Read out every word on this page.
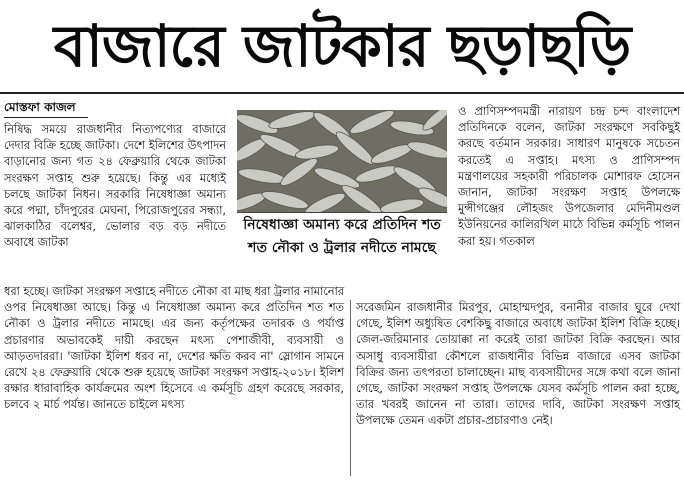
বাজারে জাটকার ছড়াছড়ি
মোস্তফা কাজল

নিষিদ্ধ সময়ে রাজধানীর নিত্যপণ্যের বাজারে দেদার বিক্রি হচ্ছে জাটকা। দেশে ইলিশের উৎপাদন বাড়ানোর জন্য গত ২৪ ফেব্রুয়ারি থেকে জাটকা সংরক্ষণ সপ্তাহ শুরু হয়েছে। কিন্তু এর মধ্যেই চলছে জাটকা নিধন। সরকারি নিষেধাজ্ঞা অমান্য করে পদ্মা, চাঁদপুরের মেঘনা, পিরোজপুরের সন্ধ্যা, ঝালকাঠির বলেশ্বর, ভোলার বড় বড় নদীতে অবাধে জাটকা

নিষেধাজ্ঞা অমান্য করে প্রতিদিন শত শত নৌকা ও ট্রলার নদীতে নামছে

ও প্রাণিসম্পদমন্ত্রী নারায়ণ চন্দ্র চন্দ বাংলাদেশ প্রতিদিনকে বলেন, জাটকা সংরক্ষণে সবকিছুই করছে বর্তমান সরকার। সাধারণ মানুষকে সচেতন করতেই এ সপ্তাহ। মৎস্য ও প্রাণিসম্পদ মন্ত্রণালয়ের সহকারী পরিচালক মোশারফ হোসেন জানান, জাটকা সংরক্ষণ সপ্তাহ উপলক্ষে মুন্সীগঞ্জের লৌহজং উপজেলার মেদিনীমণ্ডল ইউনিয়নের কালিরখিল মাঠে বিভিন্ন কর্মসূচি পালন করা হয়। গতকাল

ধরা হচ্ছে। জাটকা সংরক্ষণ সপ্তাহে নদীতে নৌকা বা মাছ ধরা ট্রলার নামানোর ওপর নিষেধাজ্ঞা আছে। কিন্তু এ নিষেধাজ্ঞা অমান্য করে প্রতিদিন শত শত নৌকা ও ট্রলার নদীতে নামছে। এর জন্য কর্তৃপক্ষের তদারক ও পর্যাপ্ত প্রচারণার অভাবকেই দায়ী করছেন মৎস্য পেশাজীবী, ব্যবসায়ী ও আড়তদাররা। 'জাটকা ইলিশ ধরব না, দেশের ক্ষতি করব না' স্লোগান সামনে রেখে ২৪ ফেব্রুয়ারি থেকে শুরু হয়েছে জাটকা সংরক্ষণ সপ্তাহ-২০১৮। ইলিশ রক্ষার ধারাবাহিক কার্যক্রমের অংশ হিসেবে এ কর্মসূচি গ্রহণ করেছে সরকার, চলবে ২ মার্চ পর্যন্ত। জানতে চাইলে মৎস্য

সরেজমিন রাজধানীর মিরপুর, মোহাম্মদপুর, বনানীর বাজার ঘুরে দেখা গেছে, ইলিশ অধ্যুষিত বেশকিছু বাজারে অবাধে জাটকা ইলিশ বিক্রি হচ্ছে। জেল-জরিমানার তোয়াক্কা না করেই তারা জাটকা বিক্রি করছেন। আর অসাধু ব্যবসায়ীরা কৌশলে রাজধানীর বিভিন্ন বাজারে এসব জাটকা বিক্রির জন্য তৎপরতা চালাচ্ছেন। মাছ ব্যবসায়ীদের সঙ্গে কথা বলে জানা গেছে, জাটকা সংরক্ষণ সপ্তাহ উপলক্ষে যেসব কর্মসূচি পালন করা হচ্ছে, তার খবরই জানেন না তারা। তাদের দাবি, জাটকা সংরক্ষণ সপ্তাহ উপলক্ষে তেমন একটা প্রচার-প্রচারণাও নেই।
